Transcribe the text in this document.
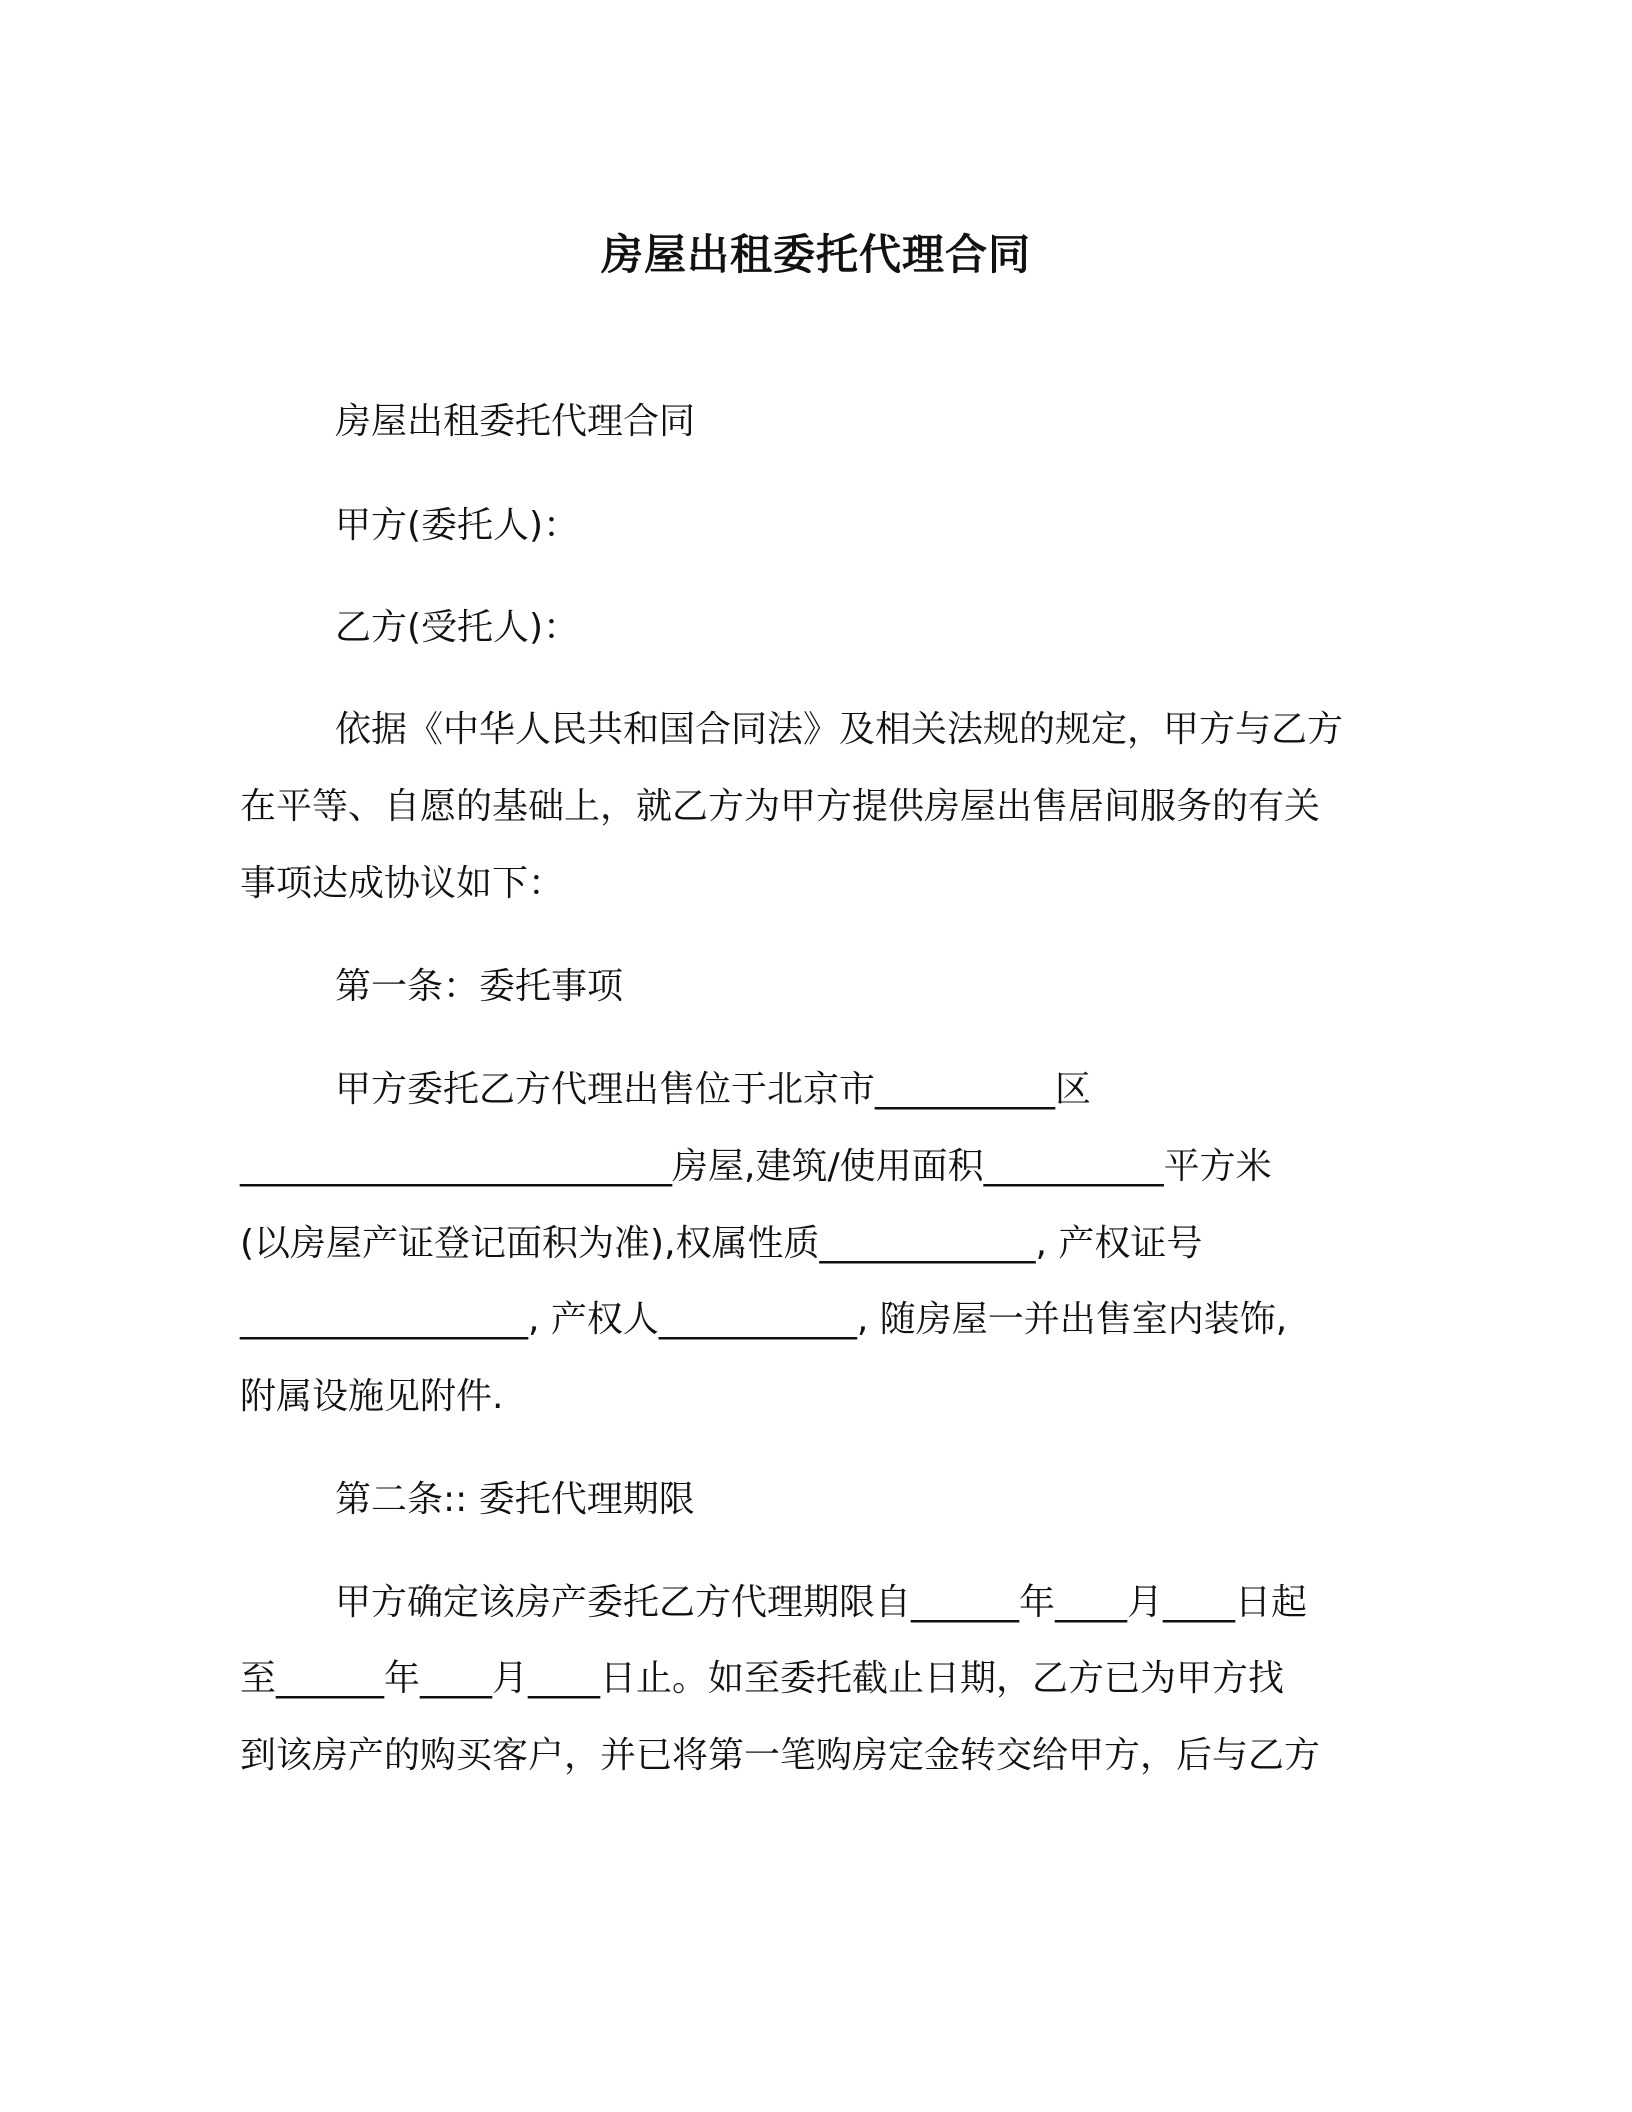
房屋出租委托代理合同
房屋出租委托代理合同
甲方(委托人)：
乙方(受托人)：
依据《中华人民共和国合同法》及相关法规的规定，甲方与乙方
在平等、自愿的基础上，就乙方为甲方提供房屋出售居间服务的有关
事项达成协议如下：
第一条：委托事项
甲方委托乙方代理出售位于北京市__________区
________________________房屋,建筑/使用面积__________平方米
(以房屋产证登记面积为准),权属性质____________, 产权证号
________________, 产权人___________, 随房屋一并出售室内装饰,
附属设施见附件.
第二条:: 委托代理期限
甲方确定该房产委托乙方代理期限自______年____月____日起
至______年____月____日止。如至委托截止日期，乙方已为甲方找
到该房产的购买客户，并已将第一笔购房定金转交给甲方，后与乙方
